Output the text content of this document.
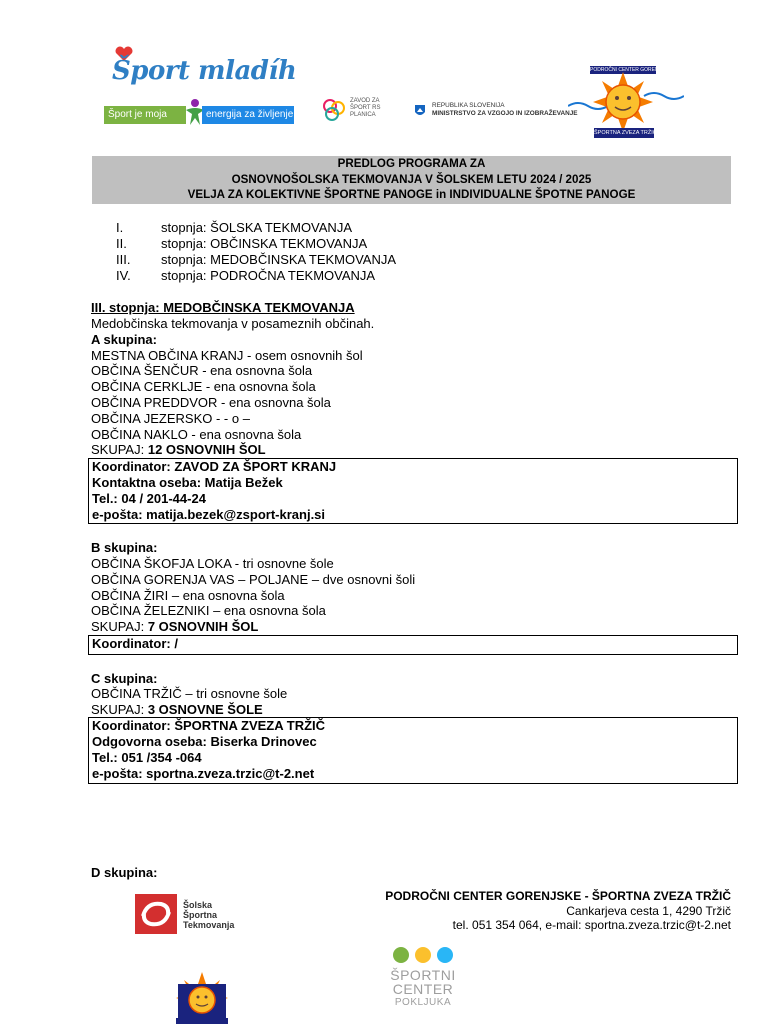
Šport mladíh
Šport je moja	energija za življenje
ZAVOD ZA
ŠPORT RS
PLANICA
REPUBLIKA SLOVENIJA
MINISTRSTVO ZA VZGOJO IN IZOBRAŽEVANJE
PODROČNI CENTER GORENJSKE
ŠPORTNA ZVEZA TRŽIČ
PREDLOG PROGRAMA ZA
OSNOVNOŠOLSKA TEKMOVANJA V ŠOLSKEM LETU 2024 / 2025
VELJA ZA KOLEKTIVNE ŠPORTNE PANOGE in INDIVIDUALNE ŠPOTNE PANOGE
I.	stopnja: ŠOLSKA TEKMOVANJA
II.	stopnja: OBČINSKA TEKMOVANJA
III. stopnja: MEDOBČINSKA TEKMOVANJA
IV. stopnja: PODROČNA TEKMOVANJA
III. stopnja: MEDOBČINSKA TEKMOVANJA
Medobčinska tekmovanja v posameznih občinah.
A skupina:
MESTNA OBČINA KRANJ - osem osnovnih šol
OBČINA ŠENČUR - ena osnovna šola
OBČINA CERKLJE - ena osnovna šola
OBČINA PREDDVOR - ena osnovna šola
OBČINA JEZERSKO - - o –
OBČINA NAKLO - ena osnovna šola
SKUPAJ: 12 OSNOVNIH ŠOL
Koordinator: ZAVOD ZA ŠPORT KRANJ
Kontaktna oseba: Matija Bežek
Tel.: 04 / 201-44-24
e-pošta: matija.bezek@zsport-kranj.si
B skupina:
OBČINA ŠKOFJA LOKA - tri osnovne šole
OBČINA GORENJA VAS – POLJANE – dve osnovni šoli
OBČINA ŽIRI – ena osnovna šola
OBČINA ŽELEZNIKI – ena osnovna šola
SKUPAJ: 7 OSNOVNIH ŠOL
Koordinator: /
C skupina:
OBČINA TRŽIČ – tri osnovne šole
SKUPAJ: 3 OSNOVNE ŠOLE
Koordinator: ŠPORTNA ZVEZA TRŽIČ
Odgovorna oseba: Biserka Drinovec
Tel.: 051 /354 -064
e-pošta: sportna.zveza.trzic@t-2.net
D skupina:
PODROČNI CENTER GORENJSKE - ŠPORTNA ZVEZA TRŽIČ
Cankarjeva cesta 1, 4290 Tržič
tel. 051 354 064, e-mail: sportna.zveza.trzic@t-2.net
Šolska
Športna
Tekmovanja
ŠPORTNI
CENTER
POKLJUKA
